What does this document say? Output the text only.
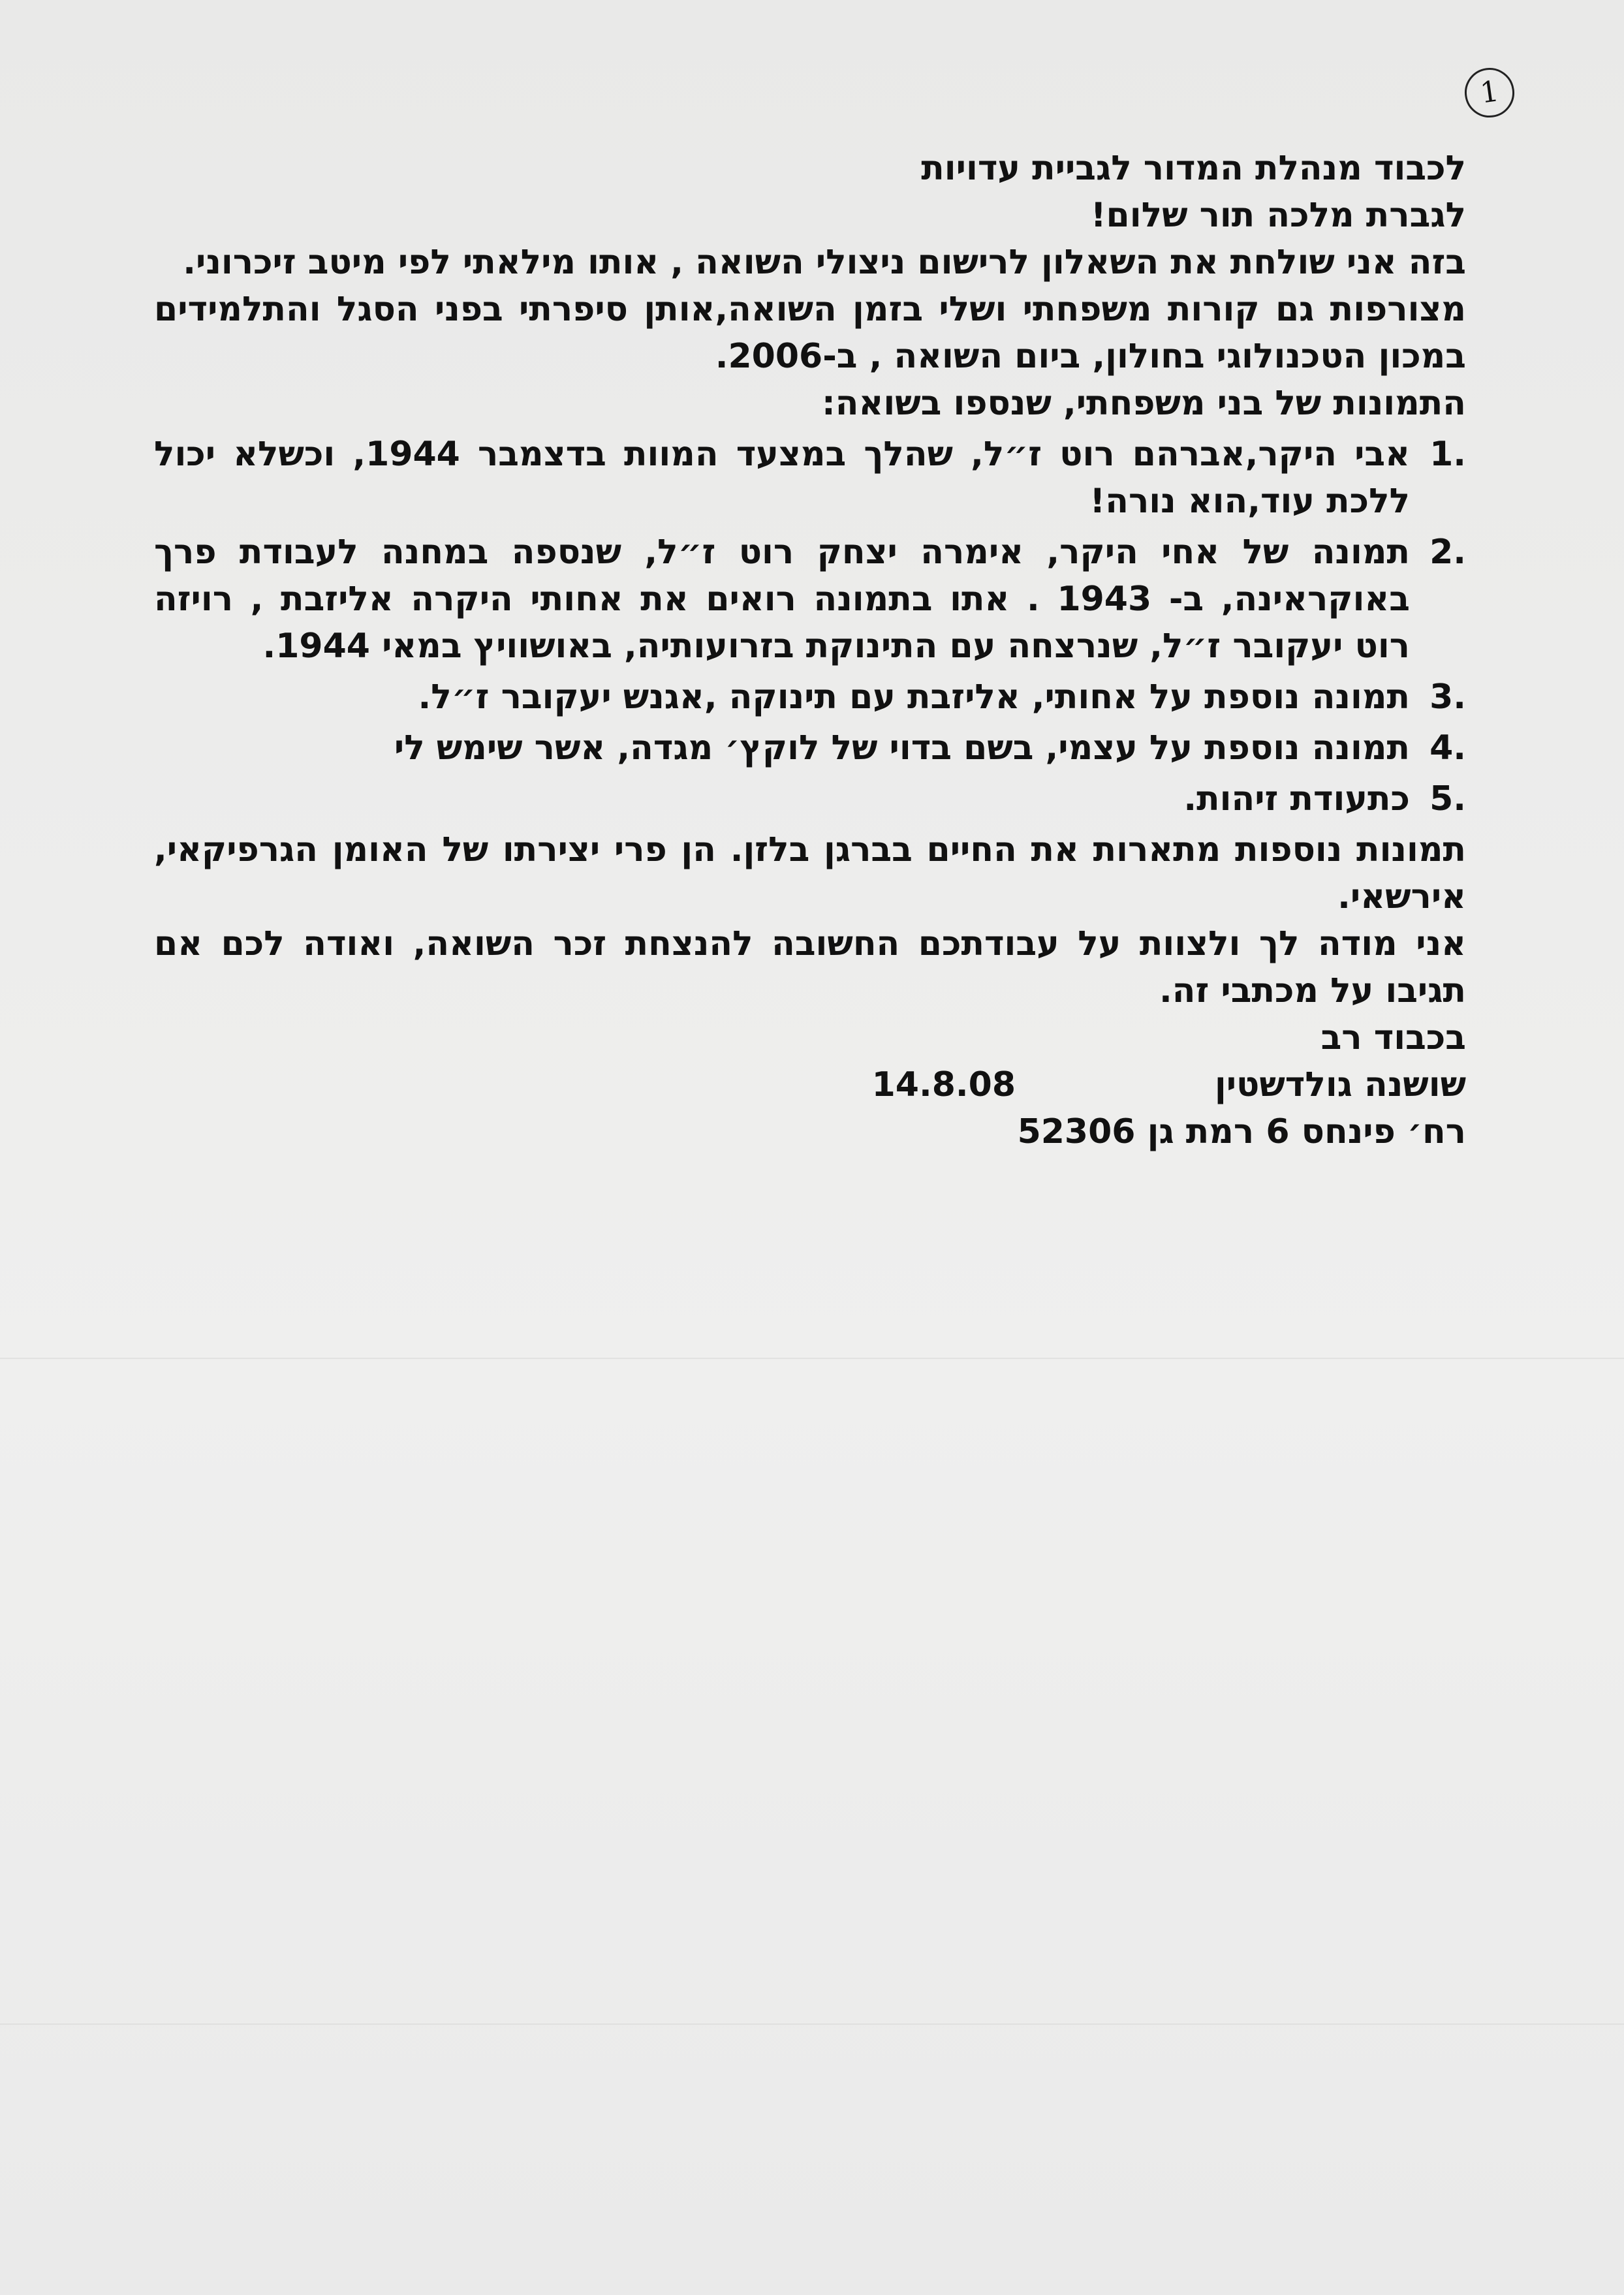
1
לכבוד מנהלת המדור לגביית עדויות
לגברת מלכה תור שלום!

בזה אני שולחת את השאלון לרישום ניצולי השואה , אותו מילאתי לפי מיטב זיכרוני.

מצורפות גם קורות משפחתי ושלי בזמן השואה,אותן סיפרתי בפני הסגל והתלמידים במכון הטכנולוגי בחולון, ביום השואה , ב-2006.

התמונות של בני משפחתי, שנספו בשואה:
1.
אבי היקר,אברהם רוט ז״ל, שהלך במצעד המוות בדצמבר 1944, וכשלא יכול ללכת עוד,הוא נורה!
2.
תמונה של אחי היקר, אימרה יצחק רוט ז״ל, שנספה במחנה לעבודת פרך באוקראינה, ב- 1943 . אתו בתמונה רואים את אחותי היקרה אליזבת , רויזה רוט יעקובר ז״ל, שנרצחה עם התינוקת בזרועותיה, באושוויץ במאי 1944.
3.
תמונה נוספת על אחותי, אליזבת עם תינוקה ,אגנש יעקובר ז״ל.
4.
תמונה נוספת על עצמי, בשם בדוי של לוקץ׳ מגדה, אשר שימש לי
5.
כתעודת זיהות.

תמונות נוספות מתארות את החיים בברגן בלזן. הן פרי יצירתו של האומן הגרפיקאי, אירשאי.

אני מודה לך ולצוות על עבודתכם החשובה להנצחת זכר השואה, ואודה לכם אם תגיבו על מכתבי זה.

בכבוד רב
שושנה גולדשטין
14.8.08
רח׳ פינחס 6 רמת גן 52306
